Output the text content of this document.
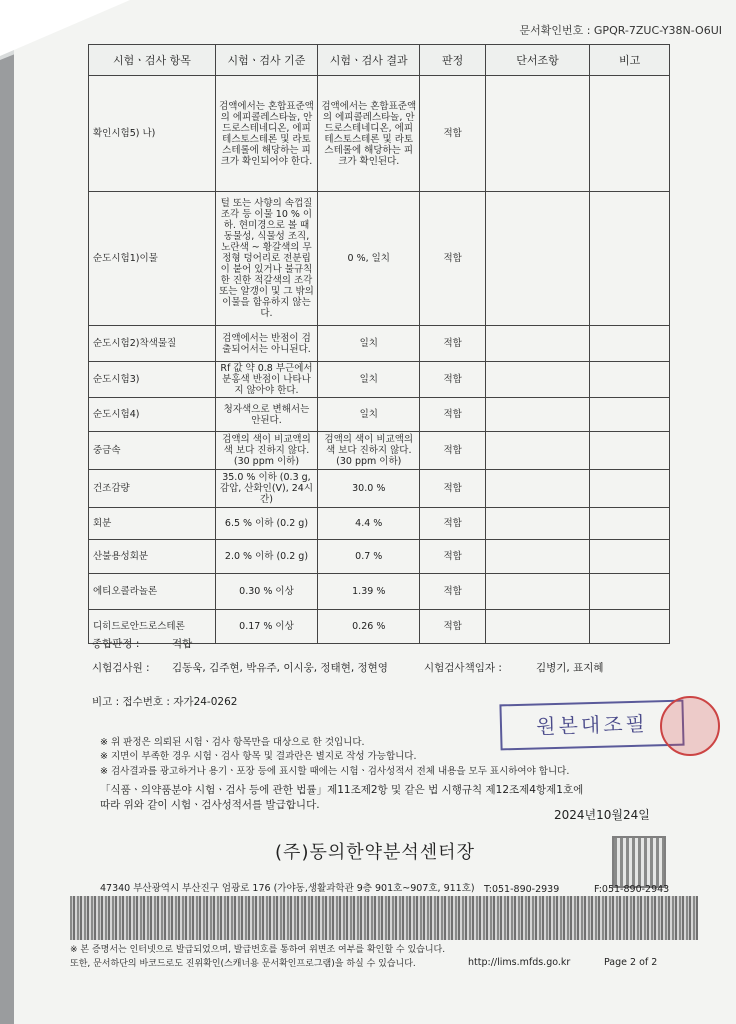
문서확인번호 : GPQR-7ZUC-Y38N-O6UI
시험ㆍ검사 항목	시험ㆍ검사 기준	시험ㆍ검사 결과	판정	단서조항	비고
확인시험5) 나)	검액에서는 혼합표준액의 에피콜레스타놀, 안드로스테네디온, 에피테스토스테론 및 라토스테롤에 해당하는 피크가 확인되어야 한다.	검액에서는 혼합표준액의 에피콜레스타놀, 안드로스테네디온, 에피테스토스테론 및 라토스테롤에 해당하는 피크가 확인된다.	적합		
순도시험1)이물	털 또는 사향의 속껍질조각 등 이물 10 % 이하. 현미경으로 볼 때 동물성, 식물성 조직, 노란색 ~ 황갈색의 무정형 덩어리로 전분립이 붙어 있거나 불규칙한 진한 적갈색의 조각 또는 알갱이 및 그 밖의 이물을 함유하지 않는다.	0 %, 일치	적합		
순도시험2)착색물질	검액에서는 반점이 검출되어서는 아니된다.	일치	적합		
순도시험3)	Rf 값 약 0.8 부근에서 분홍색 반점이 나타나지 않아야 한다.	일치	적합		
순도시험4)	청자색으로 변해서는 안된다.	일치	적합		
중금속	검액의 색이 비교액의 색 보다 진하지 않다. (30 ppm 이하)	검액의 색이 비교액의 색 보다 진하지 않다. (30 ppm 이하)	적합		
건조감량	35.0 % 이하 (0.3 g, 감압, 산화인(V), 24시간)	30.0 %	적합		
회분	6.5 % 이하 (0.2 g)	4.4 %	적합		
산불용성회분	2.0 % 이하 (0.2 g)	0.7 %	적합		
에티오콜라놀론	0.30 % 이상	1.39 %	적합		
디히드로안드로스테론	0.17 % 이상	0.26 %	적합		
종합판정 :	적합
시험검사원 : 김동욱, 김주현, 박유주, 이시웅, 정태현, 정현영	시험검사책임자 :	김병기, 표지혜
비고 : 접수번호 : 자가24-0262
원본대조필
※ 위 판정은 의뢰된 시험ㆍ검사 항목만을 대상으로 한 것입니다.
※ 지면이 부족한 경우 시험ㆍ검사 항목 및 결과란은 별지로 작성 가능합니다.
※ 검사결과를 광고하거나 용기ㆍ포장 등에 표시할 때에는 시험ㆍ검사성적서 전체 내용을 모두 표시하여야 합니다.
「식품ㆍ의약품분야 시험ㆍ검사 등에 관한 법률」제11조제2항 및 같은 법 시행규칙 제12조제4항제1호에
따라 위와 같이 시험ㆍ검사성적서를 발급합니다.
2024년10월24일
(주)동의한약분석센터장
47340 부산광역시 부산진구 엄광로 176 (가야동,생활과학관 9층 901호~907호, 911호) T:051-890-2939	F:051-890-2943
※ 본 증명서는 인터넷으로 발급되었으며, 발급번호를 통하여 위변조 여부를 확인할 수 있습니다.
또한, 문서하단의 바코드로도 진위확인(스캐너용 문서확인프로그램)을 하실 수 있습니다.	http://lims.mfds.go.kr	Page 2 of 2
